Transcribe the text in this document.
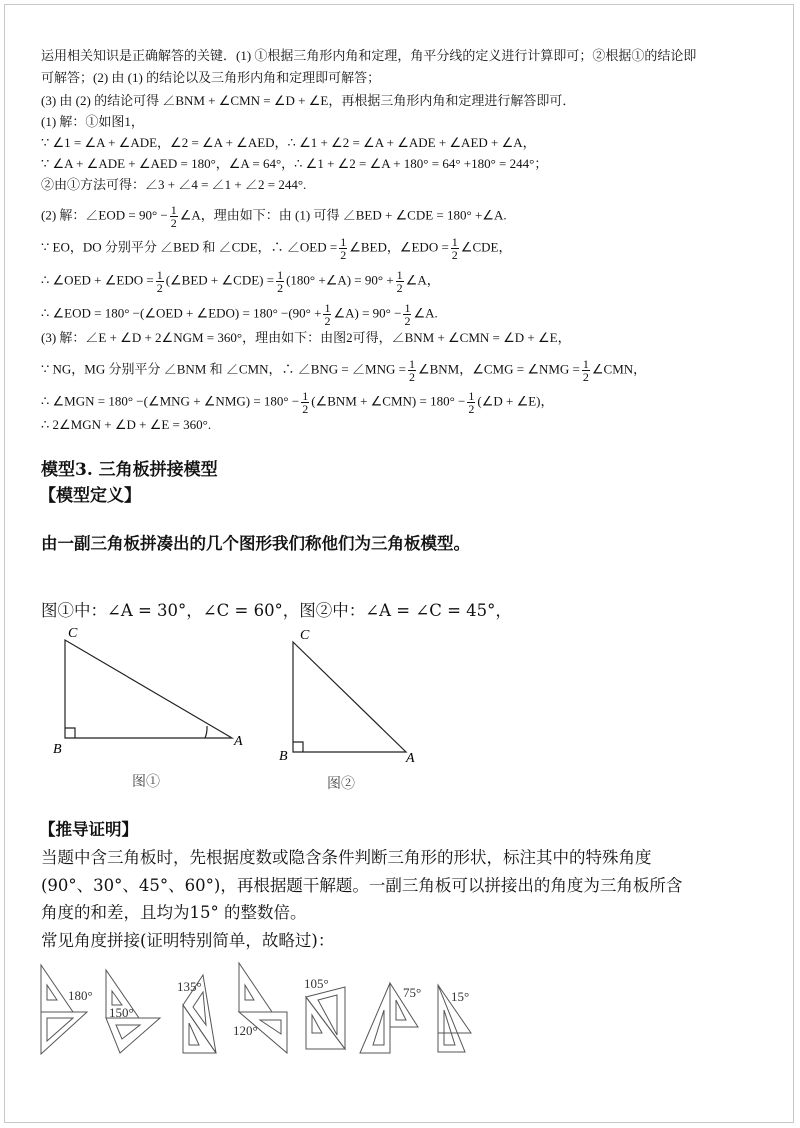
运用相关知识是正确解答的关键．(1) ①根据三角形内角和定理，角平分线的定义进行计算即可；②根据①的结论即
可解答；(2) 由 (1) 的结论以及三角形内角和定理即可解答；
(3) 由 (2) 的结论可得 ∠BNM + ∠CMN = ∠D + ∠E，再根据三角形内角和定理进行解答即可．
(1) 解：①如图1，
∵ ∠1 = ∠A + ∠ADE，∠2 = ∠A + ∠AED，∴ ∠1 + ∠2 = ∠A + ∠ADE + ∠AED + ∠A，
∵ ∠A + ∠ADE + ∠AED = 180°，∠A = 64°，∴ ∠1 + ∠2 = ∠A + 180° = 64° +180° = 244°；
②由①方法可得：∠3 + ∠4 = ∠1 + ∠2 = 244°.
(2) 解：∠EOD = $90^\circ - \frac{1}{2}$ ∠A，理由如下：由 (1) 可得 ∠BED + ∠CDE = 180° +∠A.
∵ EO，DO 分别平分 ∠BED 和 ∠CDE，∴ ∠OED = $\frac{1}{2}$ ∠BED，∠EDO = $\frac{1}{2}$ ∠CDE，
∴ ∠OED + ∠EDO = $\frac{1}{2}$ (∠BED + ∠CDE) = $\frac{1}{2} (180^\circ$ +∠A) = $90^\circ + \frac{1}{2}$ ∠A，
∴ ∠EOD = 180° −(∠OED + ∠EDO) = $180^\circ -(90^\circ + \frac{1}{2}$ ∠A) = $90^\circ - \frac{1}{2}$ ∠A.
(3) 解：∠E + ∠D + 2∠NGM = 360°，理由如下：由图2可得，∠BNM + ∠CMN = ∠D + ∠E，
∵ NG，MG 分别平分 ∠BNM 和 ∠CMN，∴ ∠BNG = ∠MNG = $\frac{1}{2}$ ∠BNM，∠CMG = ∠NMG = $\frac{1}{2}$ ∠CMN，
∴ ∠MGN = 180° −(∠MNG + ∠NMG) = $180^\circ - \frac{1}{2}$ (∠BNM + ∠CMN) = $180^\circ - \frac{1}{2}$ (∠D + ∠E)，
∴ 2∠MGN + ∠D + ∠E = 360°.
模型3. 三角板拼接模型
【模型定义】
由一副三角板拼凑出的几个图形我们称他们为三角板模型。
图①中：∠A = 30°，∠C = 60°，图②中：∠A = ∠C = 45°，
C
B
A
图①
C
B	A
图②
【推导证明】
当题中含三角板时，先根据度数或隐含条件判断三角形的形状，标注其中的特殊角度
(90°、30°、45°、60°)，再根据题干解题。一副三角板可以拼接出的角度为三角板所含
角度的和差，且均为15° 的整数倍。
常见角度拼接(证明特别简单，故略过)：
180°
150°
135°
120°
105°
75° 15°
